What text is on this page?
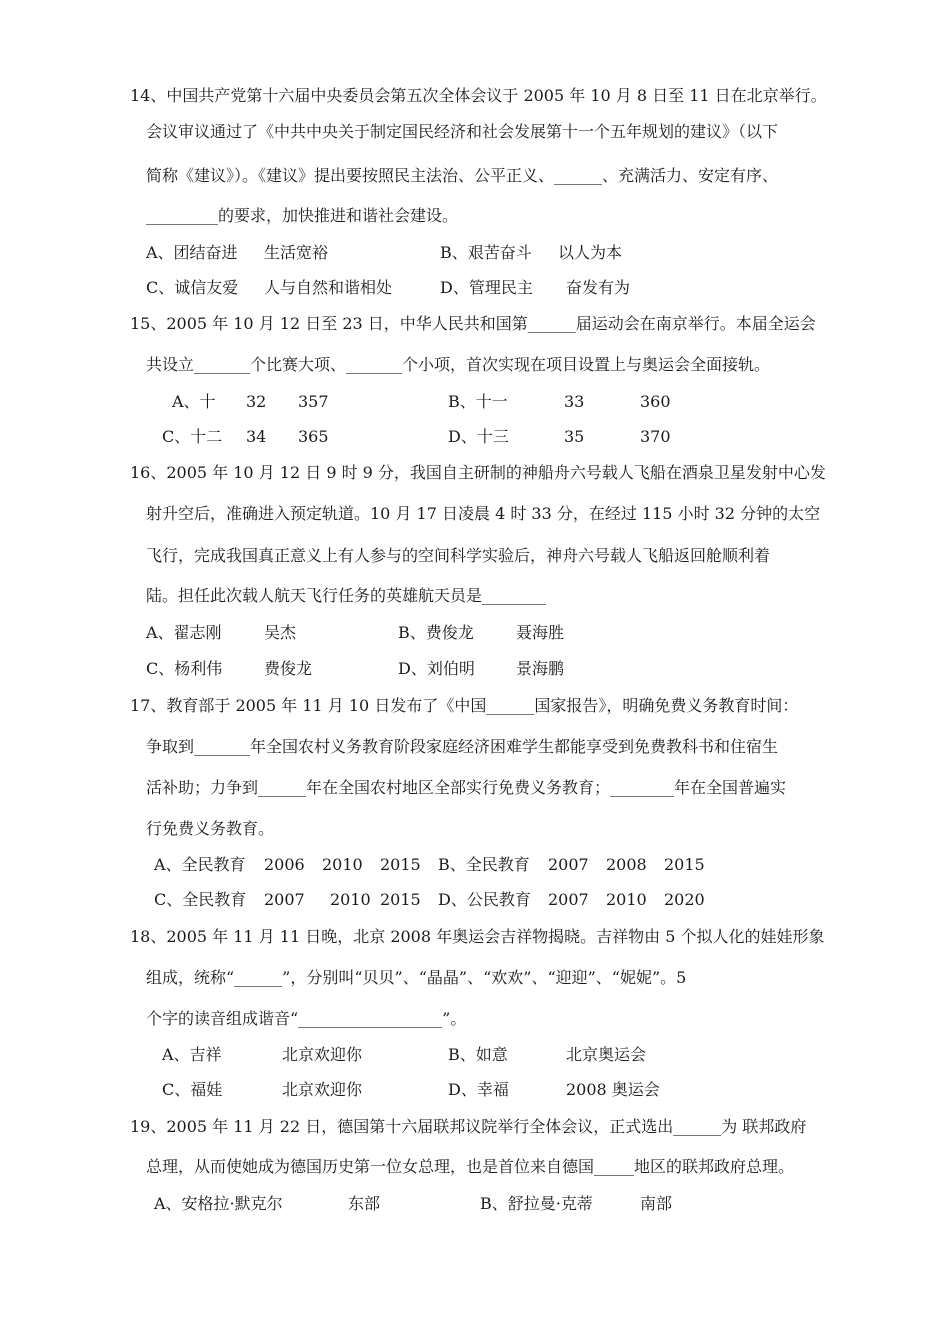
14、中国共产党第十六届中央委员会第五次全体会议于 2005 年 10 月 8 日至 11 日在北京举行。
会议审议通过了《中共中央关于制定国民经济和社会发展第十一个五年规划的建议》（以下
简称《建议》）。《建议》提出要按照民主法治、公平正义、______、充满活力、安定有序、
_________的要求，加快推进和谐社会建设。
A、团结奋进 生活宽裕	B、艰苦奋斗 以人为本
C、诚信友爱 人与自然和谐相处	D、管理民主 奋发有为
15、2005 年 10 月 12 日至 23 日，中华人民共和国第______届运动会在南京举行。本届全运会
共设立_______个比赛大项、_______个小项，首次实现在项目设置上与奥运会全面接轨。
A、十 32 357	B、十一	33	360
C、十二 34 365	D、十三	35	370
16、2005 年 10 月 12 日 9 时 9 分，我国自主研制的神船舟六号载人飞船在酒泉卫星发射中心发
射升空后，准确进入预定轨道。10 月 17 日凌晨 4 时 33 分，在经过 115 小时 32 分钟的太空
飞行，完成我国真正意义上有人参与的空间科学实验后，神舟六号载人飞船返回舱顺利着
陆。担任此次载人航天飞行任务的英雄航天员是________
A、翟志刚	吴杰	B、费俊龙	聂海胜
C、杨利伟	费俊龙	D、刘伯明	景海鹏
17、教育部于 2005 年 11 月 10 日发布了《中国______国家报告》，明确免费义务教育时间：
争取到_______年全国农村义务教育阶段家庭经济困难学生都能享受到免费教科书和住宿生
活补助；力争到______年在全国农村地区全部实行免费义务教育；________年在全国普遍实
行免费义务教育。
A、全民教育 2006 2010 2015 B、全民教育 2007 2008 2015
C、全民教育 2007 2010 2015 D、公民教育 2007 2010 2020
18、2005 年 11 月 11 日晚，北京 2008 年奥运会吉祥物揭晓。吉祥物由 5 个拟人化的娃娃形象
组成，统称“______”，分别叫“贝贝”、“晶晶”、“欢欢”、“迎迎”、“妮妮”。5
个字的读音组成谐音“__________________”。
A、吉祥	北京欢迎你	B、如意	北京奥运会
C、福娃	北京欢迎你	D、幸福	2008 奥运会
19、2005 年 11 月 22 日，德国第十六届联邦议院举行全体会议，正式选出______为 联邦政府
总理，从而使她成为德国历史第一位女总理，也是首位来自德国_____地区的联邦政府总理。
A、安格拉·默克尔	东部	B、舒拉曼·克蒂	南部
